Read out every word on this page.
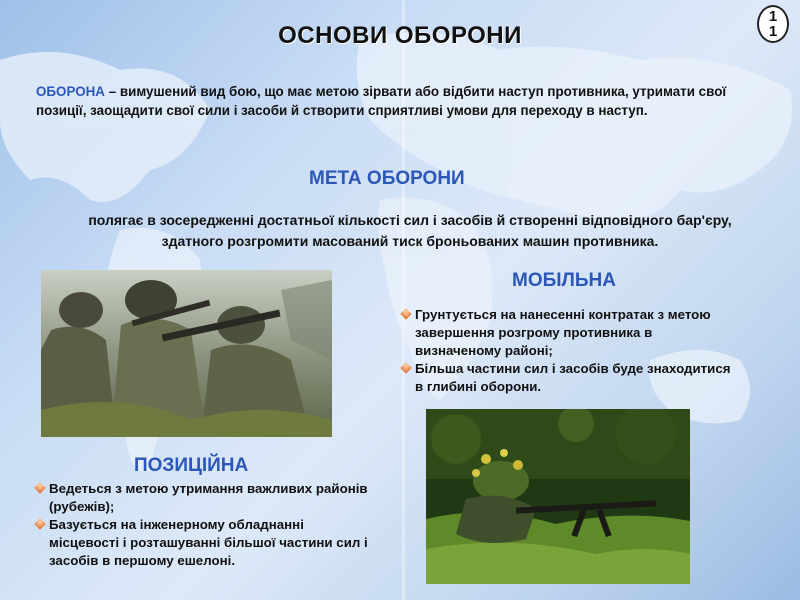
ОСНОВИ ОБОРОНИ
1
1
ОБОРОНА – вимушений вид бою, що має метою зірвати або відбити наступ противника, утримати свої позиції, заощадити свої сили і засоби й створити сприятливі умови для переходу в наступ.
МЕТА ОБОРОНИ
полягає в зосередженні достатньої кількості сил і засобів й створенні відповідного бар'єру, здатного розгромити масований тиск броньованих машин противника.
МОБІЛЬНА
Грунтується на нанесенні контратак з метою завершення розгрому противника в визначеному районі;
Більша частини сил і засобів буде знаходитися в глибині оборони.
ПОЗИЦІЙНА
Ведеться з метою утримання важливих районів (рубежів);
Базується на інженерному обладнанні місцевості і розташуванні більшої частини сил і засобів в першому ешелоні.
